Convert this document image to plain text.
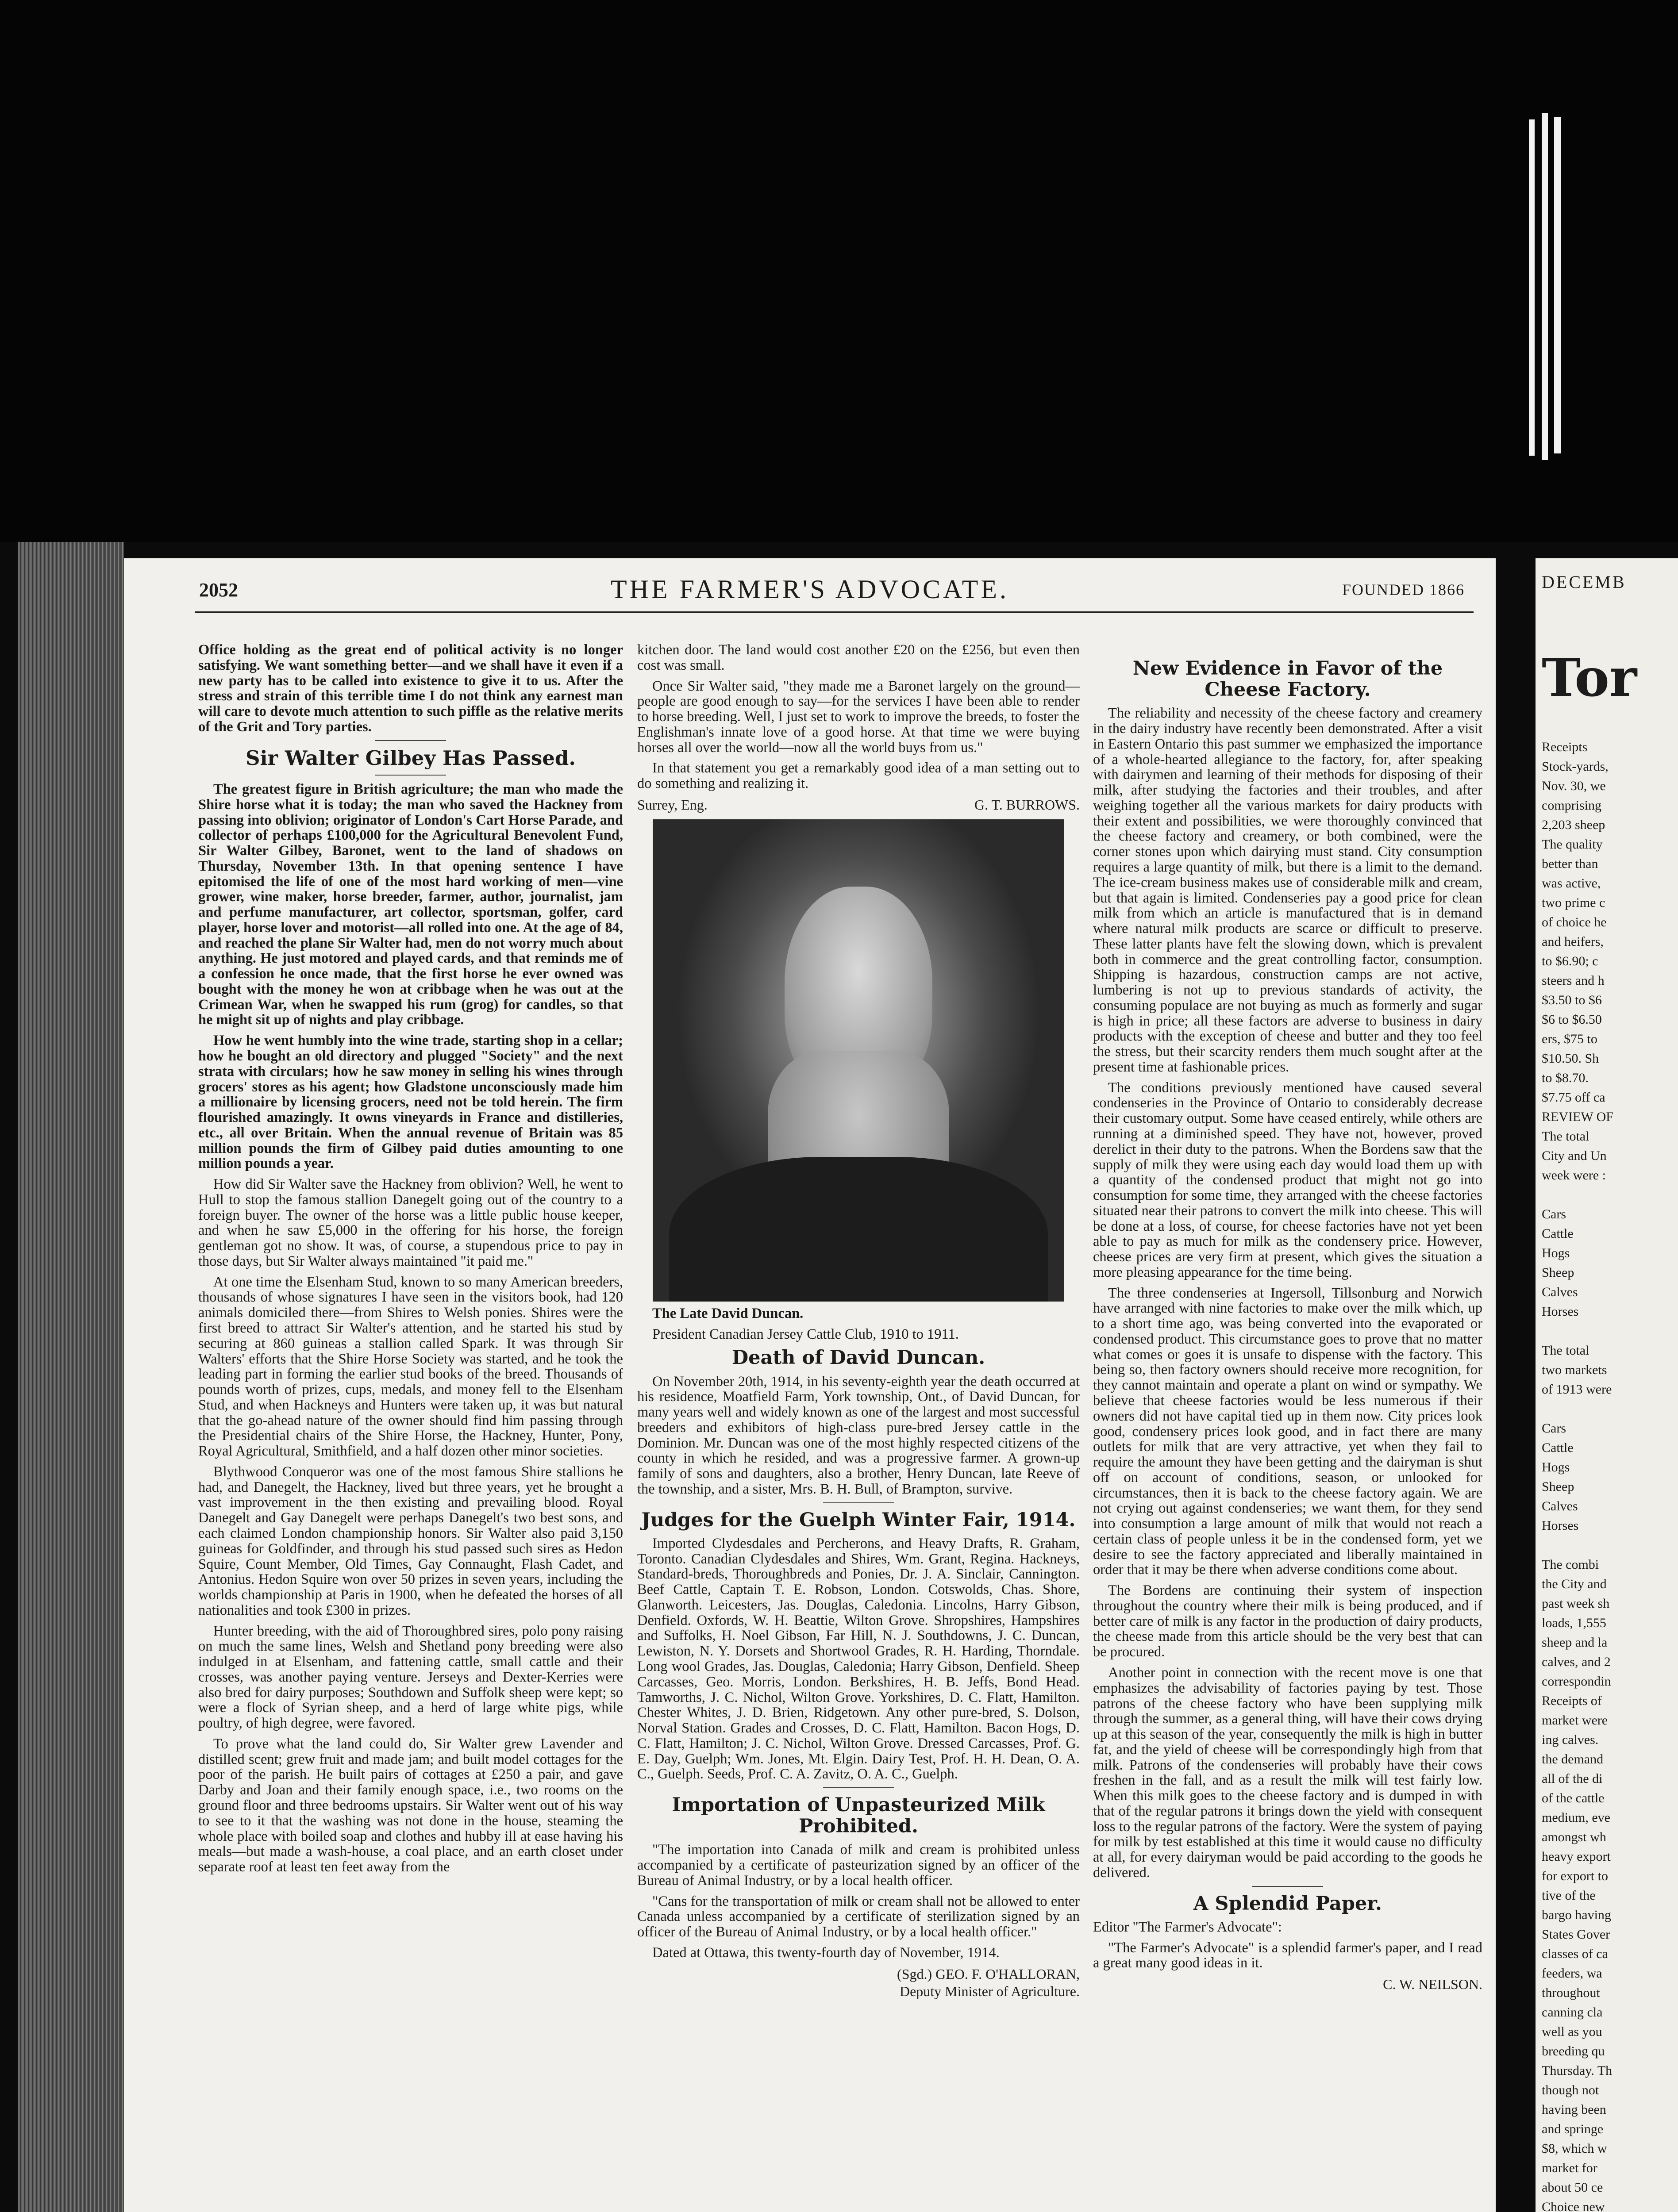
2052	THE FARMER'S ADVOCATE.	FOUNDED 1866

Office holding as the great end of political activity is no longer satisfying. We want something better—and we shall have it even if a new party has to be called into existence to give it to us. After the stress and strain of this terrible time I do not think any earnest man will care to devote much attention to such piffle as the relative merits of the Grit and Tory parties.

Sir Walter Gilbey Has Passed.

The greatest figure in British agriculture; the man who made the Shire horse what it is today; the man who saved the Hackney from passing into oblivion; originator of London's Cart Horse Parade, and collector of perhaps £100,000 for the Agricultural Benevolent Fund, Sir Walter Gilbey, Baronet, went to the land of shadows on Thursday, November 13th. In that opening sentence I have epitomised the life of one of the most hard working of men—vine grower, wine maker, horse breeder, farmer, author, journalist, jam and perfume manufacturer, art collector, sportsman, golfer, card player, horse lover and motorist—all rolled into one. At the age of 84, and reached the plane Sir Walter had, men do not worry much about anything. He just motored and played cards, and that reminds me of a confession he once made, that the first horse he ever owned was bought with the money he won at cribbage when he was out at the Crimean War, when he swapped his rum (grog) for candles, so that he might sit up of nights and play cribbage.

How he went humbly into the wine trade, starting shop in a cellar; how he bought an old directory and plugged "Society" and the next strata with circulars; how he saw money in selling his wines through grocers' stores as his agent; how Gladstone unconsciously made him a millionaire by licensing grocers, need not be told herein. The firm flourished amazingly. It owns vineyards in France and distilleries, etc., all over Britain. When the annual revenue of Britain was 85 million pounds the firm of Gilbey paid duties amounting to one million pounds a year.

How did Sir Walter save the Hackney from oblivion? Well, he went to Hull to stop the famous stallion Danegelt going out of the country to a foreign buyer. The owner of the horse was a little public house keeper, and when he saw £5,000 in the offering for his horse, the foreign gentleman got no show. It was, of course, a stupendous price to pay in those days, but Sir Walter always maintained "it paid me."

At one time the Elsenham Stud, known to so many American breeders, thousands of whose signatures I have seen in the visitors book, had 120 animals domiciled there—from Shires to Welsh ponies. Shires were the first breed to attract Sir Walter's attention, and he started his stud by securing at 860 guineas a stallion called Spark. It was through Sir Walters' efforts that the Shire Horse Society was started, and he took the leading part in forming the earlier stud books of the breed. Thousands of pounds worth of prizes, cups, medals, and money fell to the Elsenham Stud, and when Hackneys and Hunters were taken up, it was but natural that the go-ahead nature of the owner should find him passing through the Presidential chairs of the Shire Horse, the Hackney, Hunter, Pony, Royal Agricultural, Smithfield, and a half dozen other minor societies.

Blythwood Conqueror was one of the most famous Shire stallions he had, and Danegelt, the Hackney, lived but three years, yet he brought a vast improvement in the then existing and prevailing blood. Royal Danegelt and Gay Danegelt were perhaps Danegelt's two best sons, and each claimed London championship honors. Sir Walter also paid 3,150 guineas for Goldfinder, and through his stud passed such sires as Hedon Squire, Count Member, Old Times, Gay Connaught, Flash Cadet, and Antonius. Hedon Squire won over 50 prizes in seven years, including the worlds championship at Paris in 1900, when he defeated the horses of all nationalities and took £300 in prizes.

Hunter breeding, with the aid of Thoroughbred sires, polo pony raising on much the same lines, Welsh and Shetland pony breeding were also indulged in at Elsenham, and fattening cattle, small cattle and their crosses, was another paying venture. Jerseys and Dexter-Kerries were also bred for dairy purposes; Southdown and Suffolk sheep were kept; so were a flock of Syrian sheep, and a herd of large white pigs, while poultry, of high degree, were favored.

To prove what the land could do, Sir Walter grew Lavender and distilled scent; grew fruit and made jam; and built model cottages for the poor of the parish. He built pairs of cottages at £250 a pair, and gave Darby and Joan and their family enough space, i.e., two rooms on the ground floor and three bedrooms upstairs. Sir Walter went out of his way to see to it that the washing was not done in the house, steaming the whole place with boiled soap and clothes and hubby ill at ease having his meals—but made a wash-house, a coal place, and an earth closet under separate roof at least ten feet away from the

kitchen door. The land would cost another £20 on the £256, but even then cost was small.

Once Sir Walter said, "they made me a Baronet largely on the ground—people are good enough to say—for the services I have been able to render to horse breeding. Well, I just set to work to improve the breeds, to foster the Englishman's innate love of a good horse. At that time we were buying horses all over the world—now all the world buys from us."

In that statement you get a remarkably good idea of a man setting out to do something and realizing it.

Surrey, Eng.	G. T. BURROWS.

The Late David Duncan.

President Canadian Jersey Cattle Club, 1910 to 1911.

Death of David Duncan.

On November 20th, 1914, in his seventy-eighth year the death occurred at his residence, Moatfield Farm, York township, Ont., of David Duncan, for many years well and widely known as one of the largest and most successful breeders and exhibitors of high-class pure-bred Jersey cattle in the Dominion. Mr. Duncan was one of the most highly respected citizens of the county in which he resided, and was a progressive farmer. A grown-up family of sons and daughters, also a brother, Henry Duncan, late Reeve of the township, and a sister, Mrs. B. H. Bull, of Brampton, survive.

Judges for the Guelph Winter Fair, 1914.

Imported Clydesdales and Percherons, and Heavy Drafts, R. Graham, Toronto. Canadian Clydesdales and Shires, Wm. Grant, Regina. Hackneys, Standard-breds, Thoroughbreds and Ponies, Dr. J. A. Sinclair, Cannington. Beef Cattle, Captain T. E. Robson, London. Cotswolds, Chas. Shore, Glanworth. Leicesters, Jas. Douglas, Caledonia. Lincolns, Harry Gibson, Denfield. Oxfords, W. H. Beattie, Wilton Grove. Shropshires, Hampshires and Suffolks, H. Noel Gibson, Far Hill, N. J. Southdowns, J. C. Duncan, Lewiston, N. Y. Dorsets and Shortwool Grades, R. H. Harding, Thorndale. Long wool Grades, Jas. Douglas, Caledonia; Harry Gibson, Denfield. Sheep Carcasses, Geo. Morris, London. Berkshires, H. B. Jeffs, Bond Head. Tamworths, J. C. Nichol, Wilton Grove. Yorkshires, D. C. Flatt, Hamilton. Chester Whites, J. D. Brien, Ridgetown. Any other pure-bred, S. Dolson, Norval Station. Grades and Crosses, D. C. Flatt, Hamilton. Bacon Hogs, D. C. Flatt, Hamilton; J. C. Nichol, Wilton Grove. Dressed Carcasses, Prof. G. E. Day, Guelph; Wm. Jones, Mt. Elgin. Dairy Test, Prof. H. H. Dean, O. A. C., Guelph. Seeds, Prof. C. A. Zavitz, O. A. C., Guelph.

Importation of Unpasteurized Milk Prohibited.

"The importation into Canada of milk and cream is prohibited unless accompanied by a certificate of pasteurization signed by an officer of the Bureau of Animal Industry, or by a local health officer.

"Cans for the transportation of milk or cream shall not be allowed to enter Canada unless accompanied by a certificate of sterilization signed by an officer of the Bureau of Animal Industry, or by a local health officer."

Dated at Ottawa, this twenty-fourth day of November, 1914.

(Sgd.) GEO. F. O'HALLORAN,
Deputy Minister of Agriculture.
New Evidence in Favor of the Cheese Factory.

The reliability and necessity of the cheese factory and creamery in the dairy industry have recently been demonstrated. After a visit in Eastern Ontario this past summer we emphasized the importance of a whole-hearted allegiance to the factory, for, after speaking with dairymen and learning of their methods for disposing of their milk, after studying the factories and their troubles, and after weighing together all the various markets for dairy products with their extent and possibilities, we were thoroughly convinced that the cheese factory and creamery, or both combined, were the corner stones upon which dairying must stand. City consumption requires a large quantity of milk, but there is a limit to the demand. The ice-cream business makes use of considerable milk and cream, but that again is limited. Condenseries pay a good price for clean milk from which an article is manufactured that is in demand where natural milk products are scarce or difficult to preserve. These latter plants have felt the slowing down, which is prevalent both in commerce and the great controlling factor, consumption. Shipping is hazardous, construction camps are not active, lumbering is not up to previous standards of activity, the consuming populace are not buying as much as formerly and sugar is high in price; all these factors are adverse to business in dairy products with the exception of cheese and butter and they too feel the stress, but their scarcity renders them much sought after at the present time at fashionable prices.

The conditions previously mentioned have caused several condenseries in the Province of Ontario to considerably decrease their customary output. Some have ceased entirely, while others are running at a diminished speed. They have not, however, proved derelict in their duty to the patrons. When the Bordens saw that the supply of milk they were using each day would load them up with a quantity of the condensed product that might not go into consumption for some time, they arranged with the cheese factories situated near their patrons to convert the milk into cheese. This will be done at a loss, of course, for cheese factories have not yet been able to pay as much for milk as the condensery price. However, cheese prices are very firm at present, which gives the situation a more pleasing appearance for the time being.

The three condenseries at Ingersoll, Tillsonburg and Norwich have arranged with nine factories to make over the milk which, up to a short time ago, was being converted into the evaporated or condensed product. This circumstance goes to prove that no matter what comes or goes it is unsafe to dispense with the factory. This being so, then factory owners should receive more recognition, for they cannot maintain and operate a plant on wind or sympathy. We believe that cheese factories would be less numerous if their owners did not have capital tied up in them now. City prices look good, condensery prices look good, and in fact there are many outlets for milk that are very attractive, yet when they fail to require the amount they have been getting and the dairyman is shut off on account of conditions, season, or unlooked for circumstances, then it is back to the cheese factory again. We are not crying out against condenseries; we want them, for they send into consumption a large amount of milk that would not reach a certain class of people unless it be in the condensed form, yet we desire to see the factory appreciated and liberally maintained in order that it may be there when adverse conditions come about.

The Bordens are continuing their system of inspection throughout the country where their milk is being produced, and if better care of milk is any factor in the production of dairy products, the cheese made from this article should be the very best that can be procured.

Another point in connection with the recent move is one that emphasizes the advisability of factories paying by test. Those patrons of the cheese factory who have been supplying milk through the summer, as a general thing, will have their cows drying up at this season of the year, consequently the milk is high in butter fat, and the yield of cheese will be correspondingly high from that milk. Patrons of the condenseries will probably have their cows freshen in the fall, and as a result the milk will test fairly low. When this milk goes to the cheese factory and is dumped in with that of the regular patrons it brings down the yield with consequent loss to the regular patrons of the factory. Were the system of paying for milk by test established at this time it would cause no difficulty at all, for every dairyman would be paid according to the goods he delivered.

A Splendid Paper.

Editor "The Farmer's Advocate":

"The Farmer's Advocate" is a splendid farmer's paper, and I read a great many good ideas in it.

C. W. NEILSON.
DECEMB
Tor
Receipts
Stock-yards,
Nov. 30, we
comprising
2,203 sheep
The quality
better than
was active,
two prime c
of choice he
and heifers,
to $6.90; c
steers and h
$3.50 to $6
$6 to $6.50
ers, $75 to
$10.50. Sh
to $8.70.
$7.75 off ca
REVIEW OF
The total
City and Un
week were :
Cars
Cattle
Hogs
Sheep
Calves
Horses
The total
two markets
of 1913 were
Cars
Cattle
Hogs
Sheep
Calves
Horses
The combi
the City and
past week sh
loads, 1,555
sheep and la
calves, and 2
correspondin
Receipts of
market were
ing calves.
the demand
all of the di
of the cattle
medium, eve
amongst wh
heavy export
for export to
tive of the
bargo having
States Gover
classes of ca
feeders, wa
throughout
canning cla
well as you
breeding qu
Thursday. Th
though not
having been
and springe
$8, which w
market for
about 50 ce
Choice new
